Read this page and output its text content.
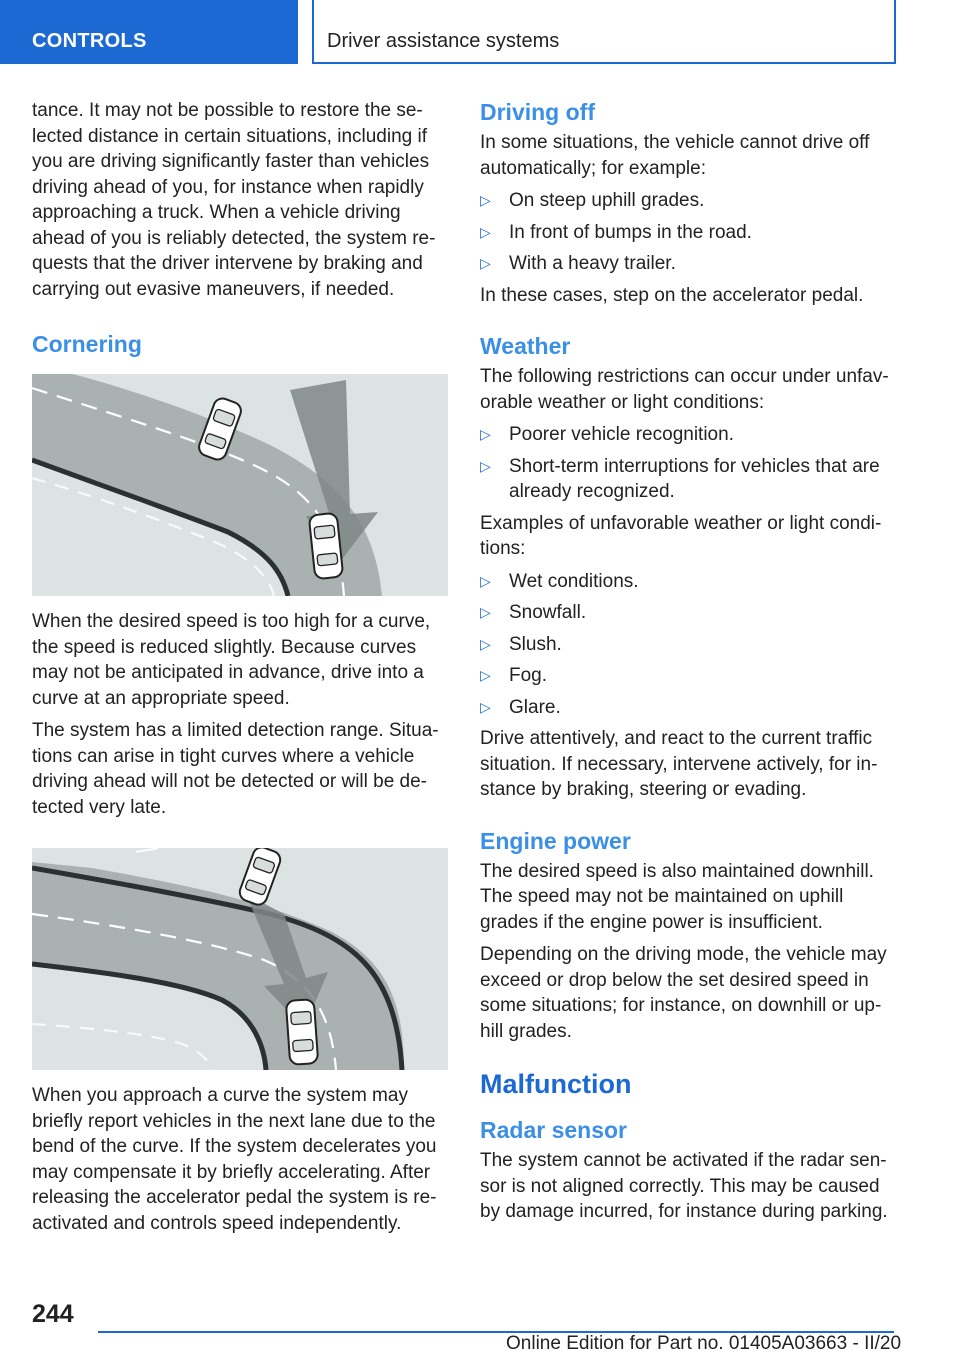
CONTROLS	Driver assistance systems

tance. It may not be possible to restore the se-lected distance in certain situations, including if you are driving significantly faster than vehicles driving ahead of you, for instance when rapidly approaching a truck. When a vehicle driving ahead of you is reliably detected, the system re-quests that the driver intervene by braking and carrying out evasive maneuvers, if needed.

Cornering

When the desired speed is too high for a curve, the speed is reduced slightly. Because curves may not be anticipated in advance, drive into a curve at an appropriate speed.

The system has a limited detection range. Situa-tions can arise in tight curves where a vehicle driving ahead will not be detected or will be de-tected very late.

When you approach a curve the system may briefly report vehicles in the next lane due to the bend of the curve. If the system decelerates you may compensate it by briefly accelerating. After releasing the accelerator pedal the system is re-activated and controls speed independently.

Driving off

In some situations, the vehicle cannot drive off automatically; for example:

▷ On steep uphill grades.
▷ In front of bumps in the road.
▷ With a heavy trailer.

In these cases, step on the accelerator pedal.

Weather

The following restrictions can occur under unfav-orable weather or light conditions:

▷ Poorer vehicle recognition.
▷ Short-term interruptions for vehicles that are already recognized.

Examples of unfavorable weather or light condi-tions:

▷ Wet conditions.
▷ Snowfall.
▷ Slush.
▷ Fog.
▷ Glare.

Drive attentively, and react to the current traffic situation. If necessary, intervene actively, for in-stance by braking, steering or evading.

Engine power

The desired speed is also maintained downhill. The speed may not be maintained on uphill grades if the engine power is insufficient.

Depending on the driving mode, the vehicle may exceed or drop below the set desired speed in some situations; for instance, on downhill or up-hill grades.

Malfunction
Radar sensor

The system cannot be activated if the radar sen-sor is not aligned correctly. This may be caused by damage incurred, for instance during parking.

244
Online Edition for Part no. 01405A03663 - II/20
